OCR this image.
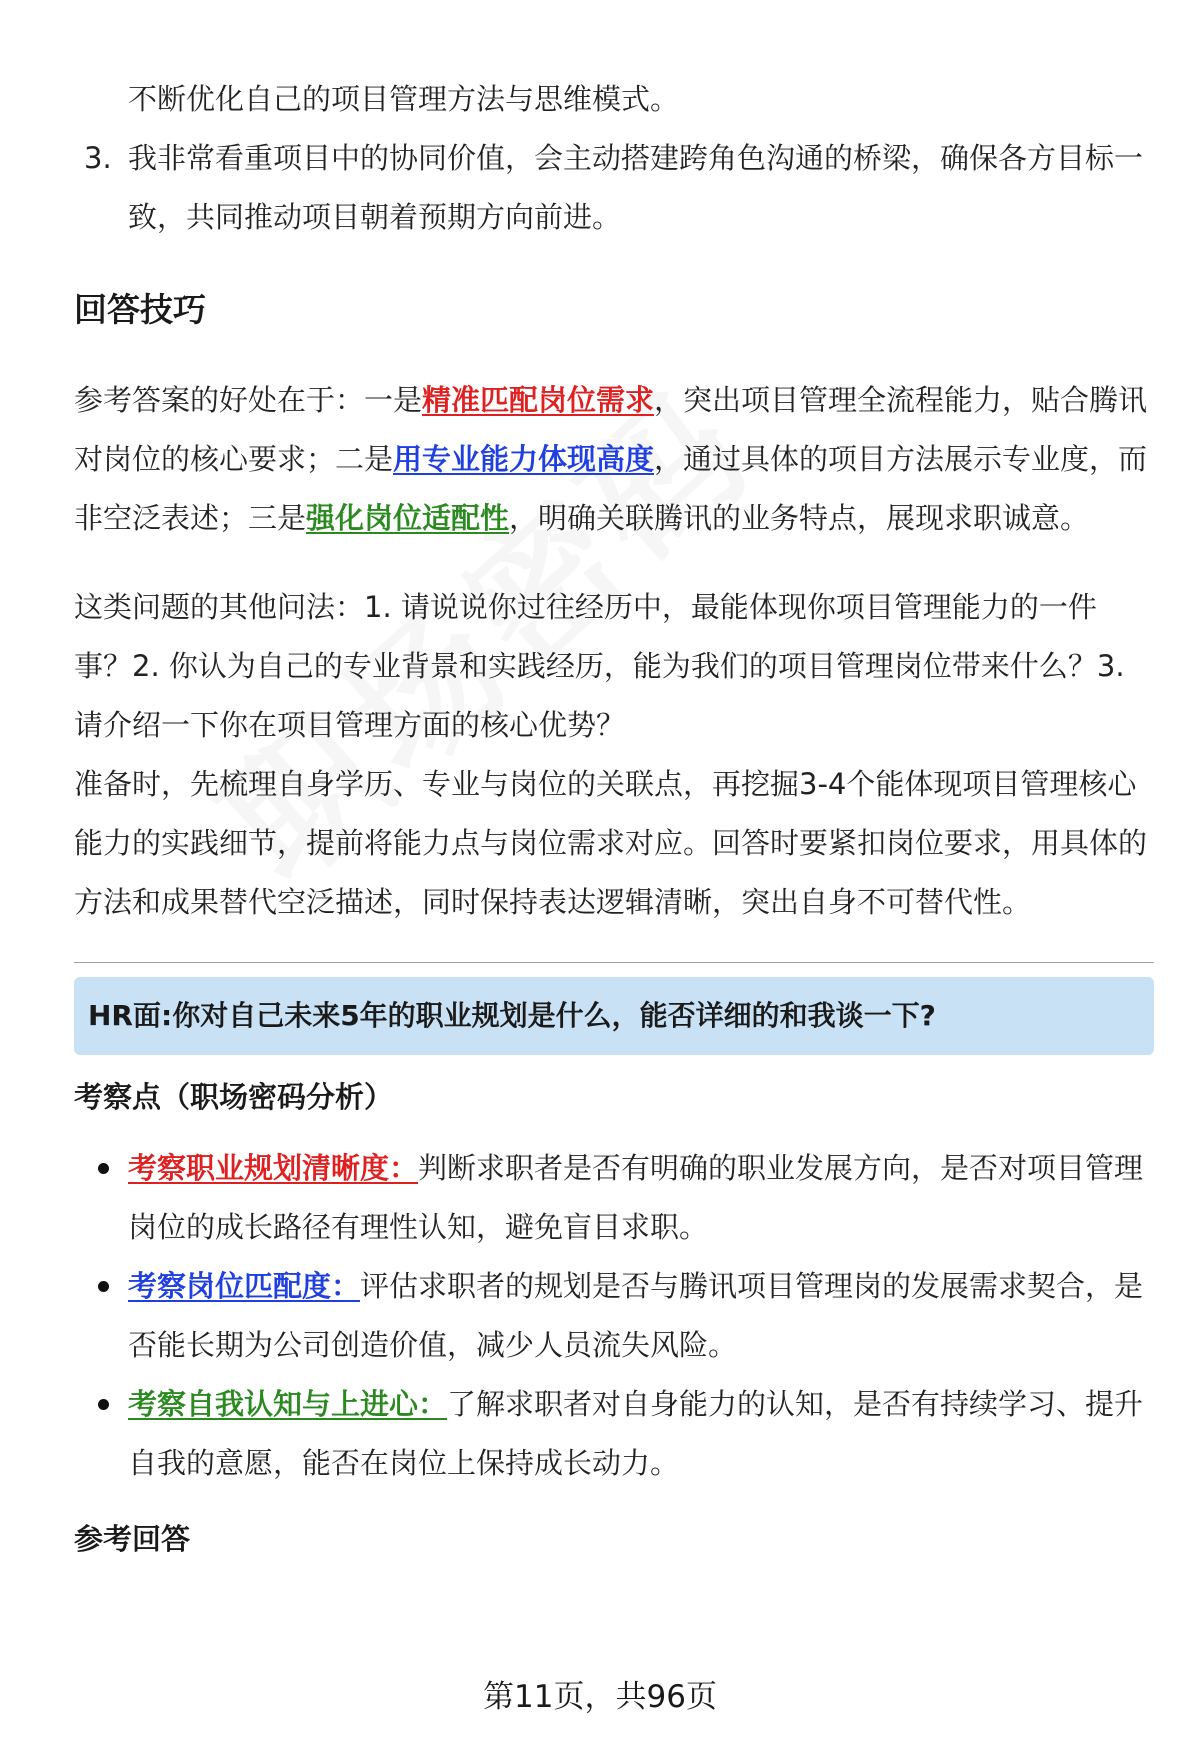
不断优化自己的项目管理方法与思维模式。

3. 我非常看重项目中的协同价值，会主动搭建跨角色沟通的桥梁，确保各方目标一致，共同推动项目朝着预期方向前进。
回答技巧

参考答案的好处在于：一是精准匹配岗位需求，突出项目管理全流程能力，贴合腾讯对岗位的核心要求；二是用专业能力体现高度，通过具体的项目方法展示专业度，而非空泛表述；三是强化岗位适配性，明确关联腾讯的业务特点，展现求职诚意。

这类问题的其他问法：1. 请说说你过往经历中，最能体现你项目管理能力的一件事？2. 你认为自己的专业背景和实践经历，能为我们的项目管理岗位带来什么？3. 请介绍一下你在项目管理方面的核心优势？

准备时，先梳理自身学历、专业与岗位的关联点，再挖掘3-4个能体现项目管理核心能力的实践细节，提前将能力点与岗位需求对应。回答时要紧扣岗位要求，用具体的方法和成果替代空泛描述，同时保持表达逻辑清晰，突出自身不可替代性。

HR面:你对自己未来5年的职业规划是什么，能否详细的和我谈一下?
考察点（职场密码分析）
考察职业规划清晰度：判断求职者是否有明确的职业发展方向，是否对项目管理岗位的成长路径有理性认知，避免盲目求职。
考察岗位匹配度：评估求职者的规划是否与腾讯项目管理岗的发展需求契合，是否能长期为公司创造价值，减少人员流失风险。
考察自我认知与上进心：了解求职者对自身能力的认知，是否有持续学习、提升自我的意愿，能否在岗位上保持成长动力。
参考回答
第11页，共96页
